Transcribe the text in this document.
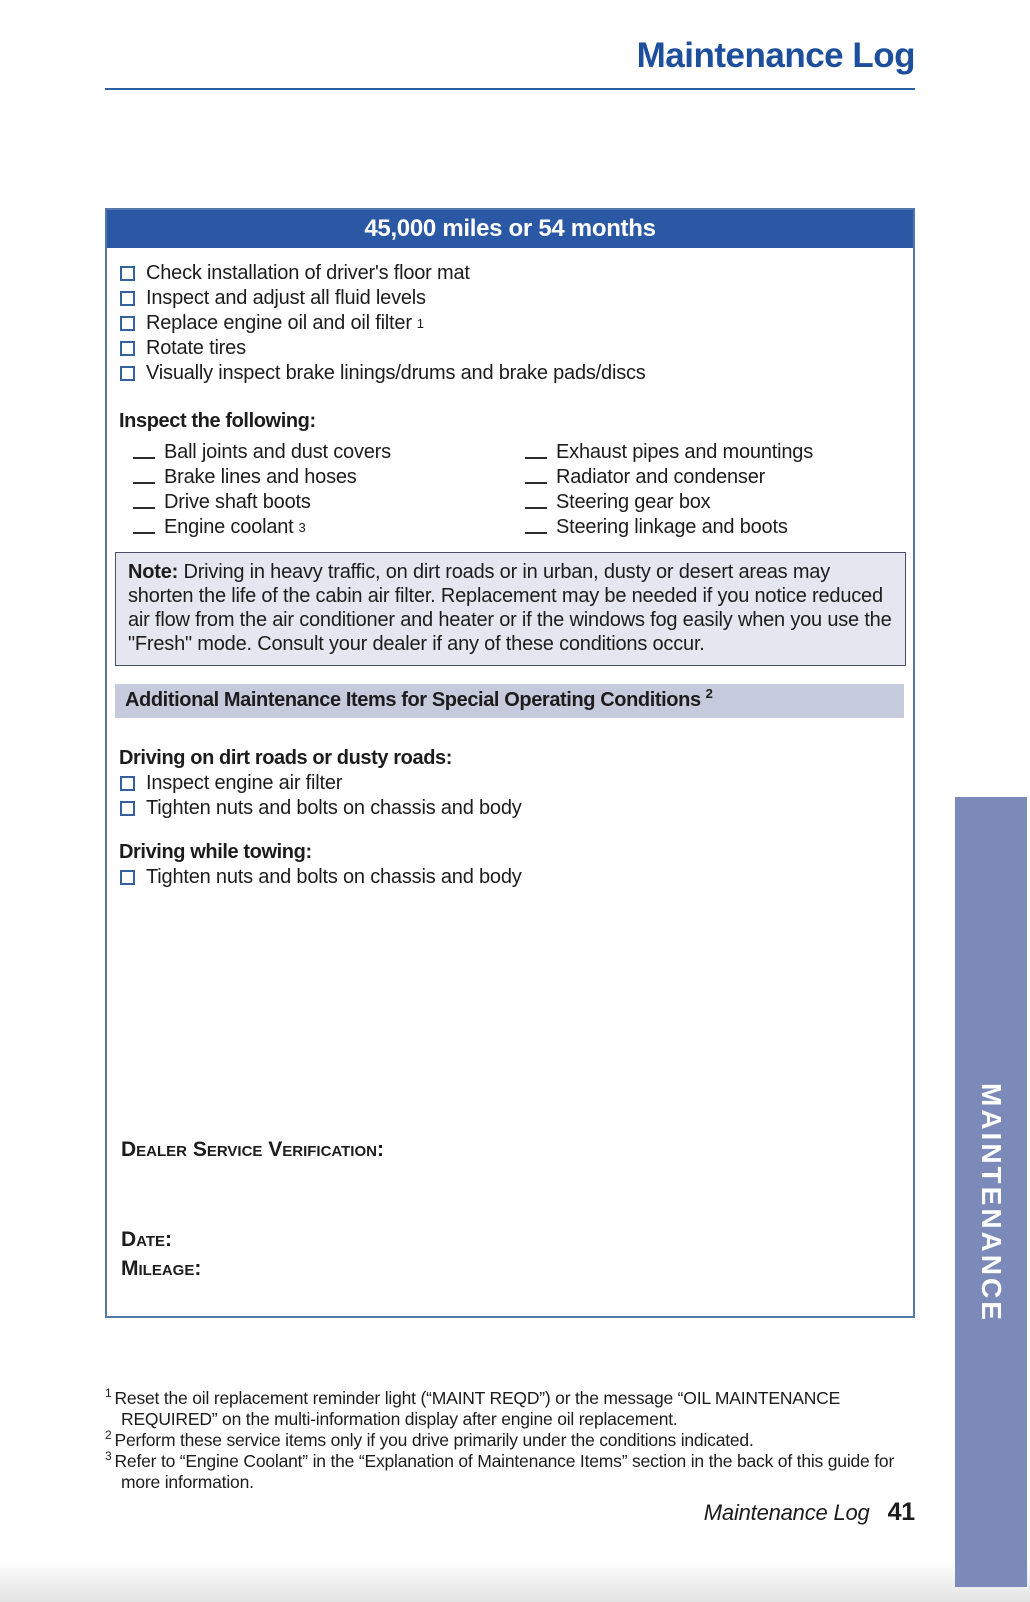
Maintenance Log
45,000 miles or 54 months
Check installation of driver's floor mat
Inspect and adjust all fluid levels
Replace engine oil and oil filter 1
Rotate tires
Visually inspect brake linings/drums and brake pads/discs
Inspect the following:
Ball joints and dust covers
Brake lines and hoses
Drive shaft boots
Engine coolant 3
Exhaust pipes and mountings
Radiator and condenser
Steering gear box
Steering linkage and boots
Note: Driving in heavy traffic, on dirt roads or in urban, dusty or desert areas may shorten the life of the cabin air filter. Replacement may be needed if you notice reduced air flow from the air conditioner and heater or if the windows fog easily when you use the "Fresh" mode. Consult your dealer if any of these conditions occur.
Additional Maintenance Items for Special Operating Conditions $^2$
Driving on dirt roads or dusty roads:
Inspect engine air filter
Tighten nuts and bolts on chassis and body
Driving while towing:
Tighten nuts and bolts on chassis and body
Dealer Service Verification:
Date:
Mileage:	MAINTENANCE
$^1$ Reset the oil replacement reminder light (“MAINT REQD”) or the message “OIL MAINTENANCE REQUIRED” on the multi-information display after engine oil replacement.
$^2$ Perform these service items only if you drive primarily under the conditions indicated.
$^3$ Refer to “Engine Coolant” in the “Explanation of Maintenance Items” section in the back of this guide for more information.
Maintenance Log 41
